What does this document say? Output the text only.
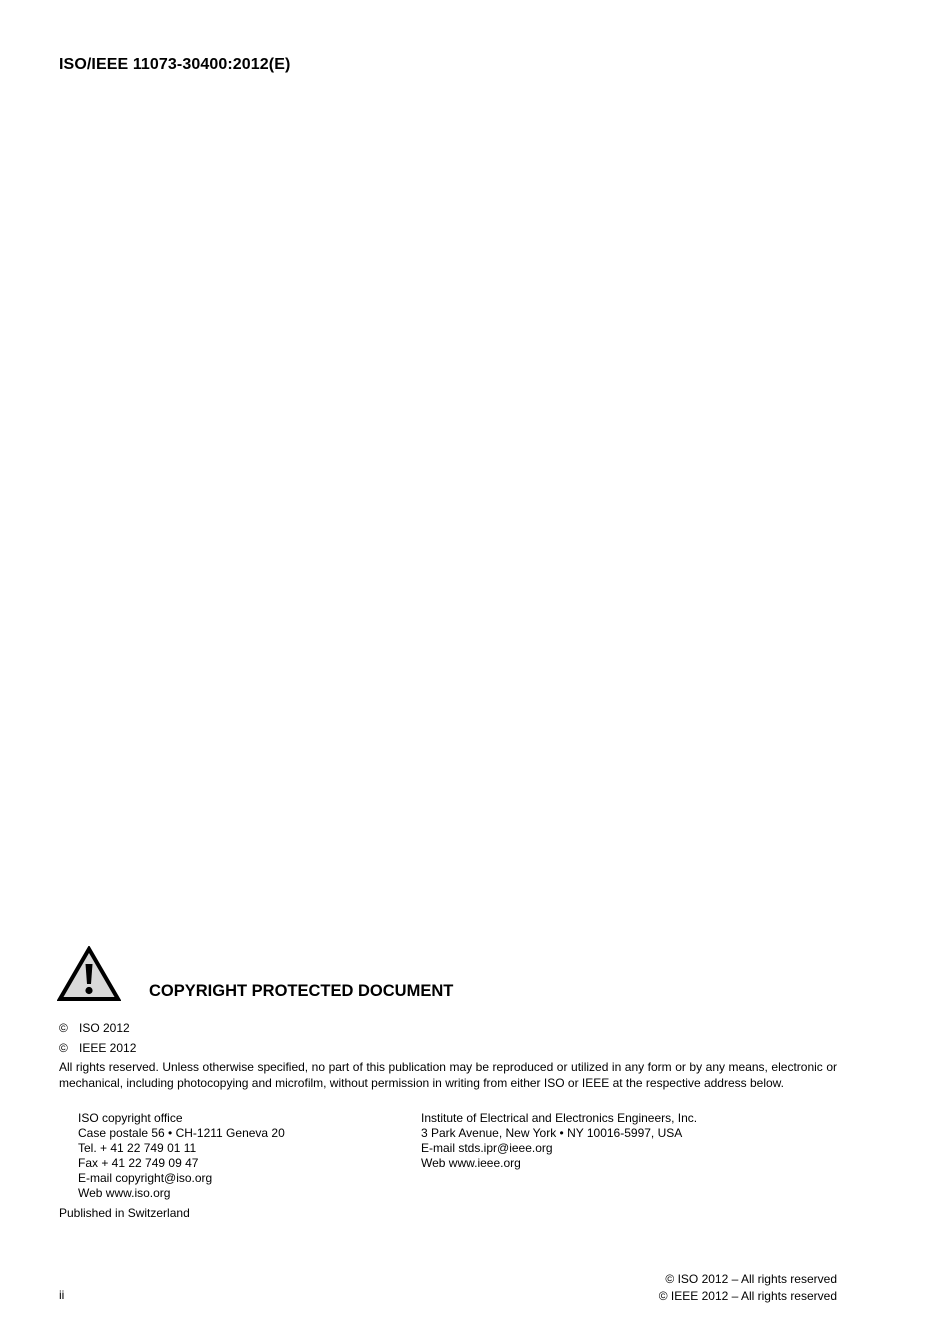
ISO/IEEE 11073-30400:2012(E)
COPYRIGHT PROTECTED DOCUMENT
© ISO 2012
© IEEE 2012
All rights reserved. Unless otherwise specified, no part of this publication may be reproduced or utilized in any form or by any means, electronic or mechanical, including photocopying and microfilm, without permission in writing from either ISO or IEEE at the respective address below.
ISO copyright office
Case postale 56 • CH-1211 Geneva 20
Tel. + 41 22 749 01 11
Fax + 41 22 749 09 47
E-mail copyright@iso.org
Web www.iso.org
Institute of Electrical and Electronics Engineers, Inc.
3 Park Avenue, New York • NY 10016-5997, USA
E-mail stds.ipr@ieee.org
Web www.ieee.org
Published in Switzerland
ii
© ISO 2012 – All rights reserved
© IEEE 2012 – All rights reserved
